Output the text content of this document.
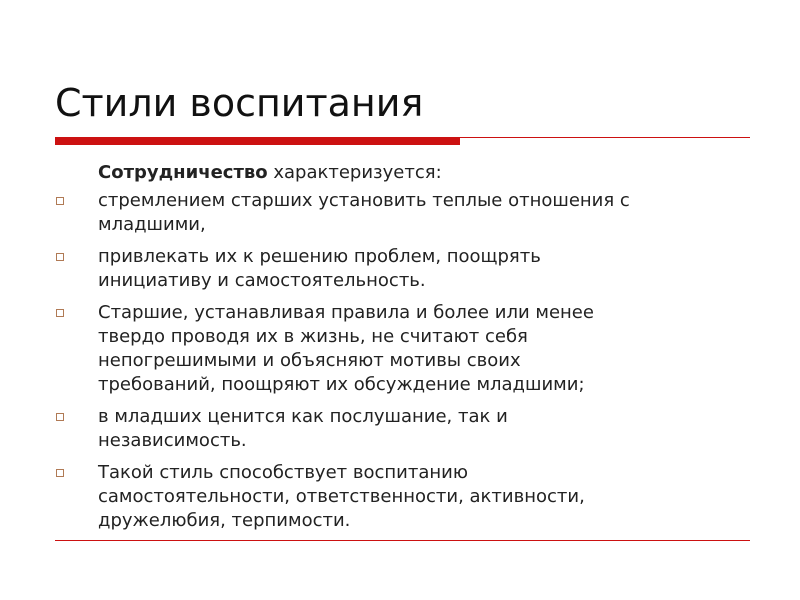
Стили воспитания
Сотрудничество характеризуется:
стремлением старших установить теплые отношения с
младшими,
привлекать их к решению проблем, поощрять
инициативу и самостоятельность.
Старшие, устанавливая правила и более или менее
твердо проводя их в жизнь, не считают себя
непогрешимыми и объясняют мотивы своих
требований, поощряют их обсуждение младшими;
в младших ценится как послушание, так и
независимость.
Такой стиль способствует воспитанию
самостоятельности, ответственности, активности,
дружелюбия, терпимости.
